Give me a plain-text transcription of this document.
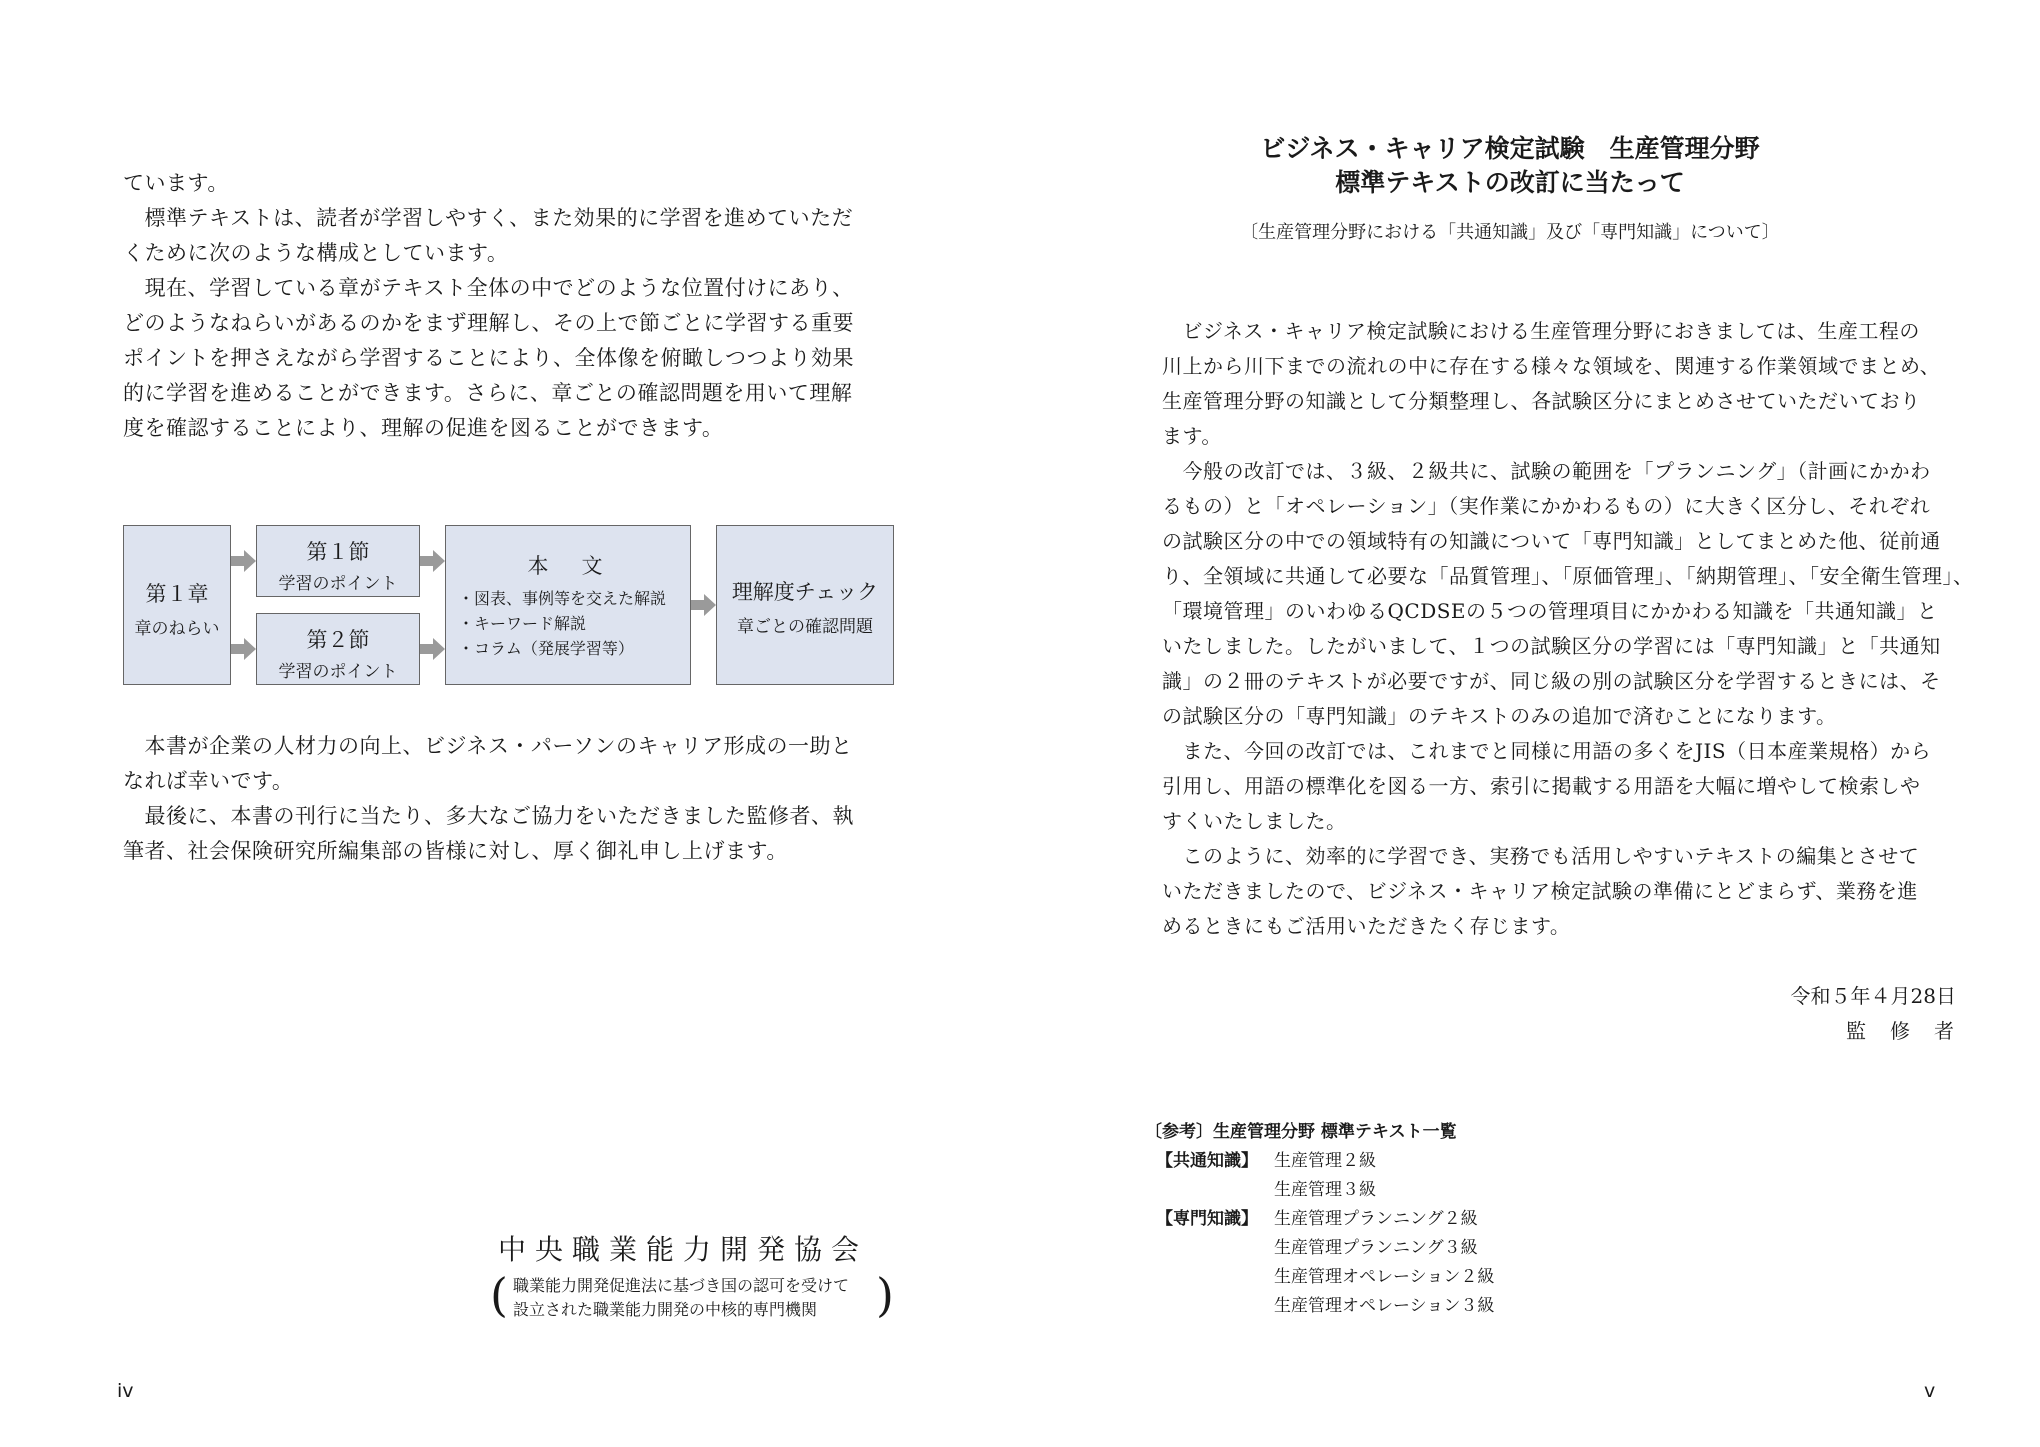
ています。
　標準テキストは、読者が学習しやすく、また効果的に学習を進めていただ
くために次のような構成としています。
　現在、学習している章がテキスト全体の中でどのような位置付けにあり、
どのようなねらいがあるのかをまず理解し、その上で節ごとに学習する重要
ポイントを押さえながら学習することにより、全体像を俯瞰しつつより効果
的に学習を進めることができます。さらに、章ごとの確認問題を用いて理解
度を確認することにより、理解の促進を図ることができます。
第１章
章のねらい
第１節
学習のポイント
第２節
学習のポイント
本　文
・図表、事例等を交えた解説
・キーワード解説
・コラム（発展学習等）
理解度チェック
章ごとの確認問題
　本書が企業の人材力の向上、ビジネス・パーソンのキャリア形成の一助と
なれば幸いです。
　最後に、本書の刊行に当たり、多大なご協力をいただきました監修者、執
筆者、社会保険研究所編集部の皆様に対し、厚く御礼申し上げます。
中央職業能力開発協会
( 職業能力開発促進法に基づき国の認可を受けて
設立された職業能力開発の中核的専門機関	)
iv
ビジネス・キャリア検定試験　生産管理分野
標準テキストの改訂に当たって
〔生産管理分野における「共通知識」及び「専門知識」について〕
　ビジネス・キャリア検定試験における生産管理分野におきましては、生産工程の
川上から川下までの流れの中に存在する様々な領域を、関連する作業領域でまとめ、
生産管理分野の知識として分類整理し、各試験区分にまとめさせていただいており
ます。
　今般の改訂では、３級、２級共に、試験の範囲を「プランニング」（計画にかかわ
るもの）と「オペレーション」（実作業にかかわるもの）に大きく区分し、それぞれ
の試験区分の中での領域特有の知識について「専門知識」としてまとめた他、従前通
り、全領域に共通して必要な「品質管理」、「原価管理」、「納期管理」、「安全衛生管理」、
「環境管理」のいわゆるQCDSEの５つの管理項目にかかわる知識を「共通知識」と
いたしました。したがいまして、１つの試験区分の学習には「専門知識」と「共通知
識」の２冊のテキストが必要ですが、同じ級の別の試験区分を学習するときには、そ
の試験区分の「専門知識」のテキストのみの追加で済むことになります。
　また、今回の改訂では、これまでと同様に用語の多くをJIS（日本産業規格）から
引用し、用語の標準化を図る一方、索引に掲載する用語を大幅に増やして検索しや
すくいたしました。
　このように、効率的に学習でき、実務でも活用しやすいテキストの編集とさせて
いただきましたので、ビジネス・キャリア検定試験の準備にとどまらず、業務を進
めるときにもご活用いただきたく存じます。
令和５年４月28日
監　修　者
〔参考〕生産管理分野 標準テキスト一覧
【共通知識】 生産管理２級
生産管理３級
【専門知識】 生産管理プランニング２級
生産管理プランニング３級
生産管理オペレーション２級
生産管理オペレーション３級
v
